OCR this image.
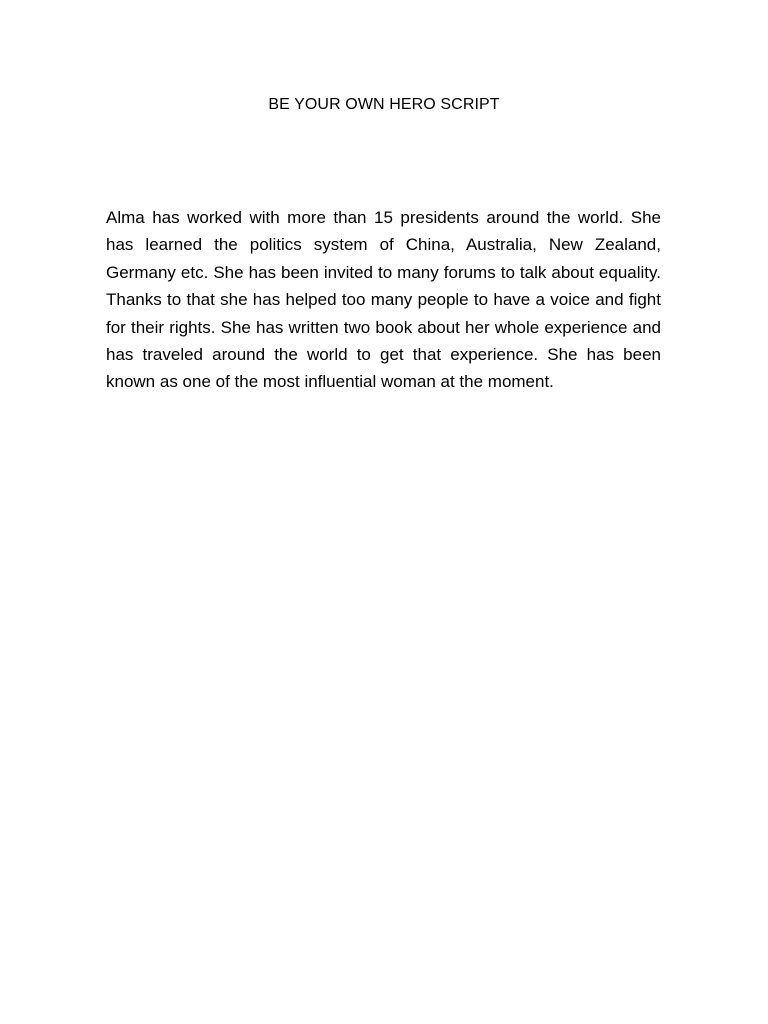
BE YOUR OWN HERO SCRIPT

Alma has worked with more than 15 presidents around the world. She has learned the politics system of China, Australia, New Zealand, Germany etc. She has been invited to many forums to talk about equality. Thanks to that she has helped too many people to have a voice and fight for their rights. She has written two book about her whole experience and has traveled around the world to get that experience. She has been known as one of the most influential woman at the moment.
